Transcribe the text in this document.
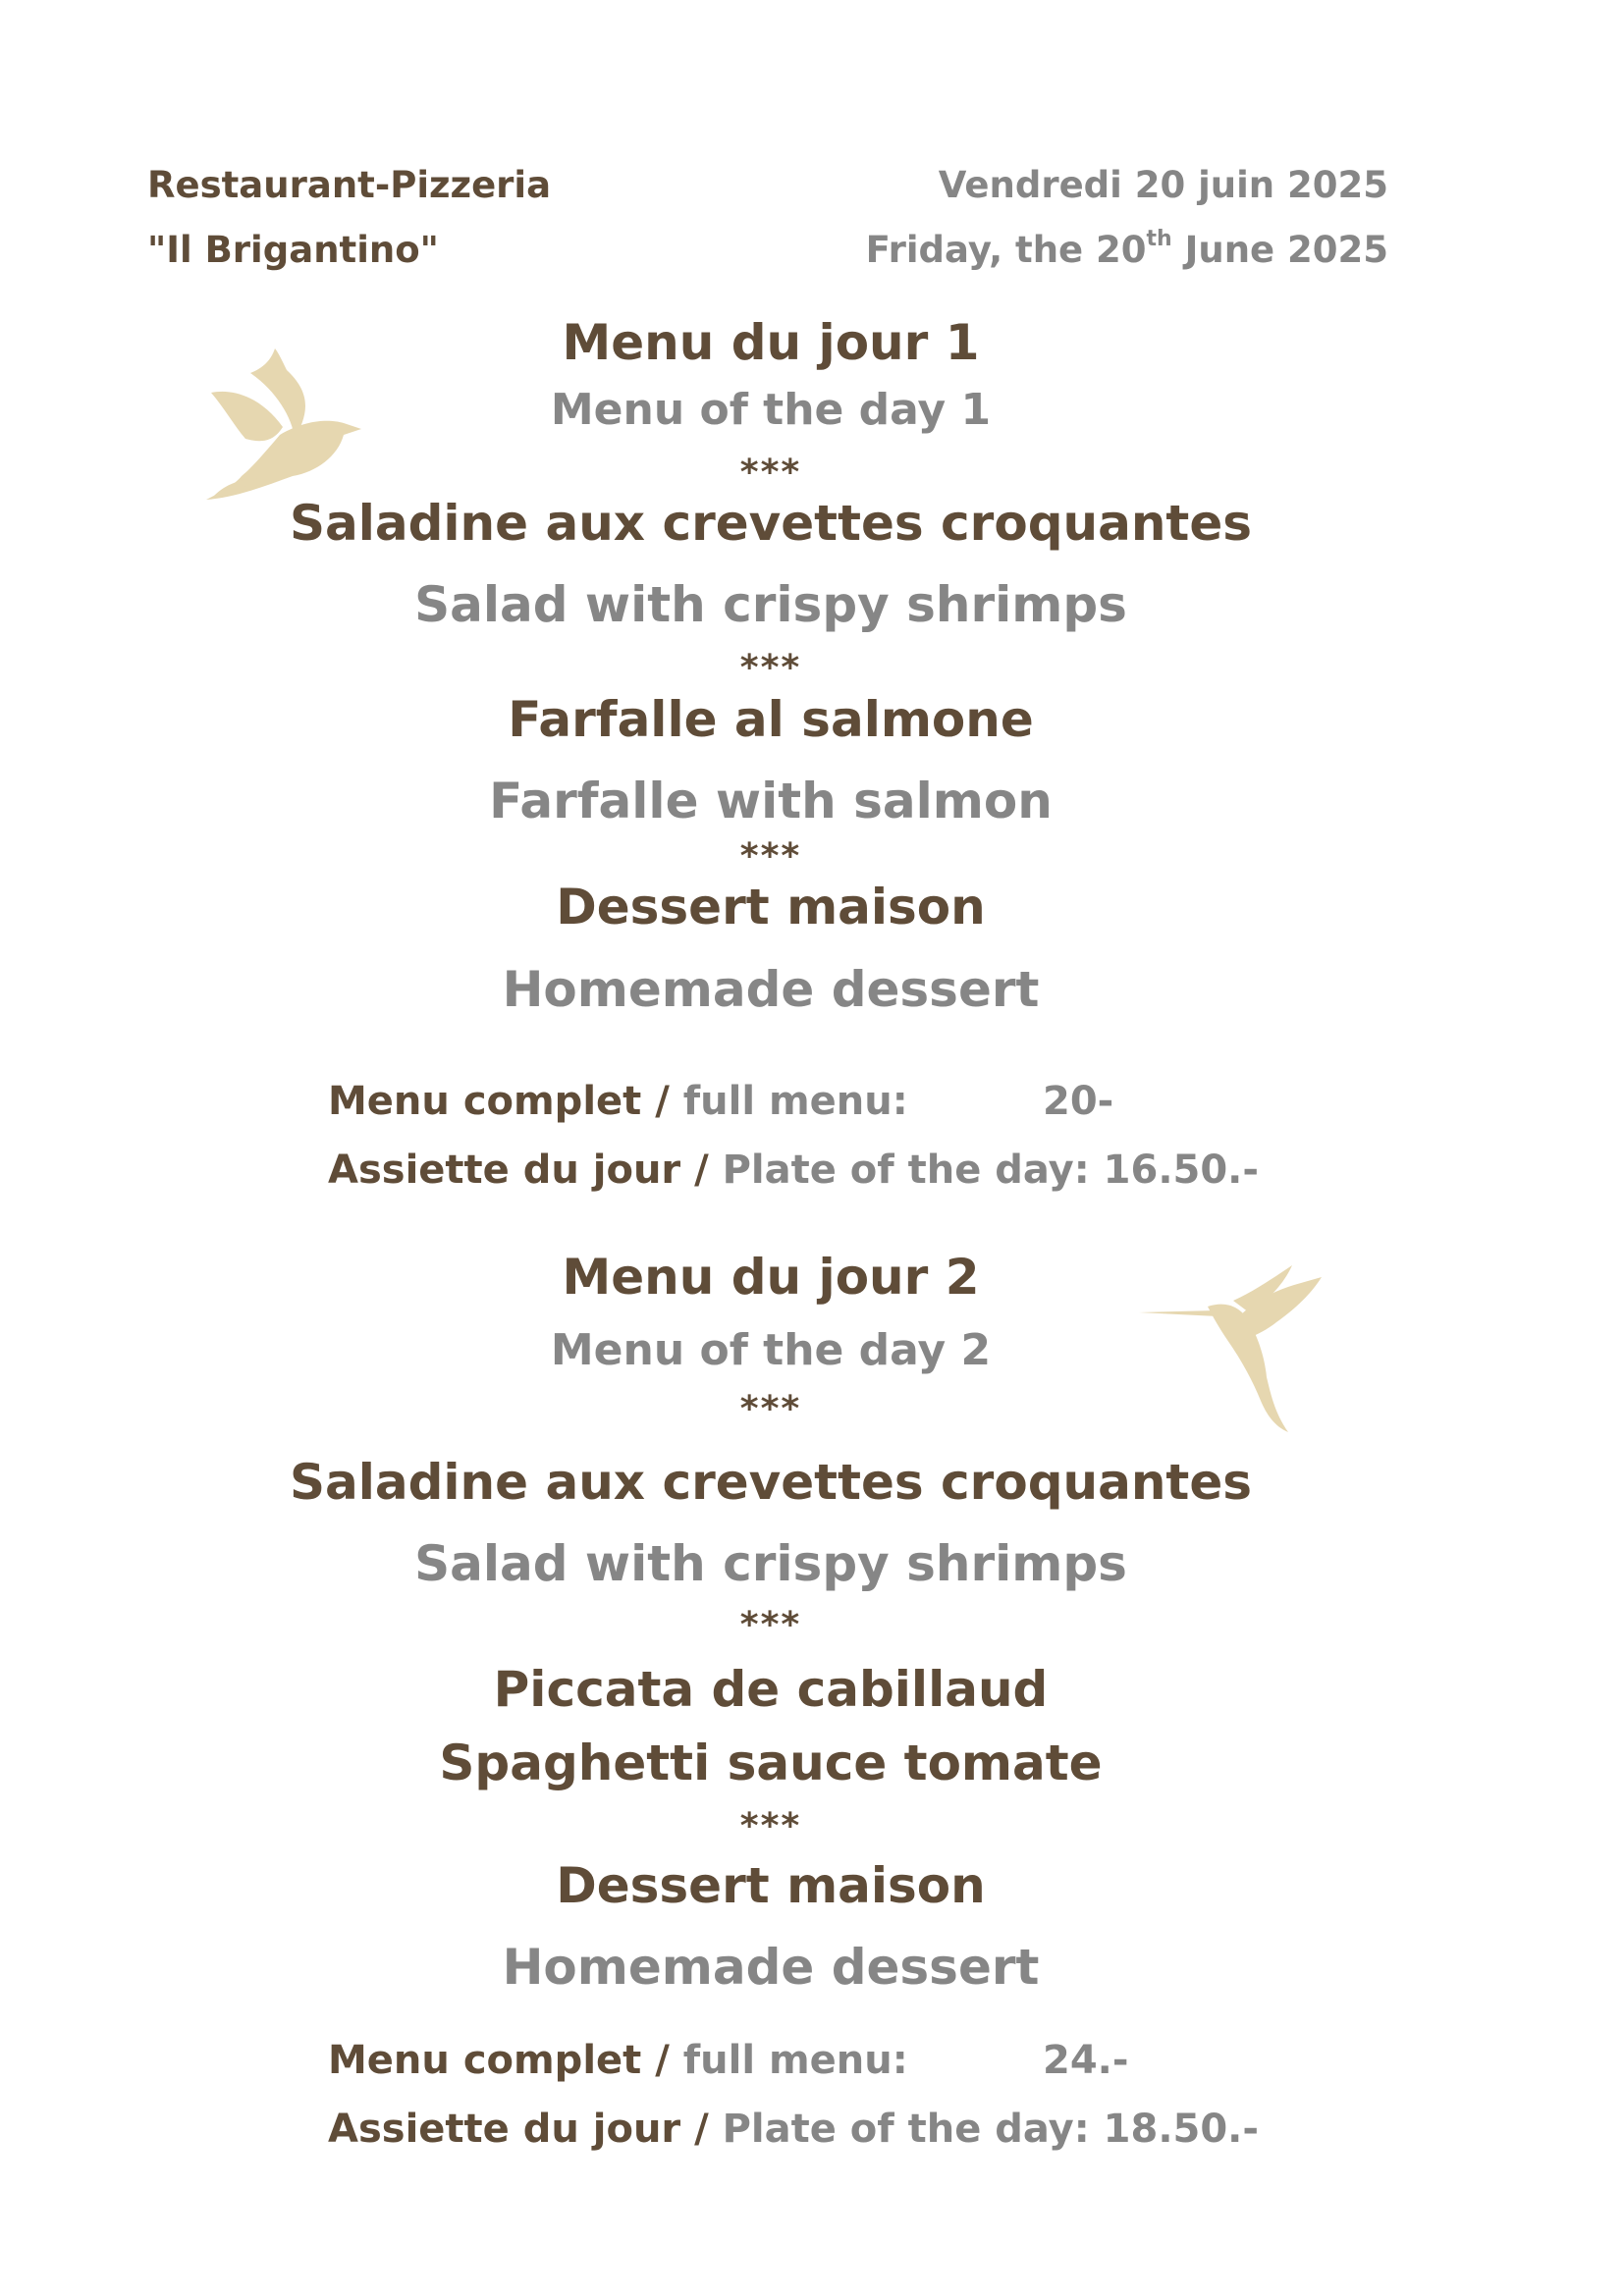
Restaurant-Pizzeria
"Il Brigantino"
Vendredi 20 juin 2025
Friday, the 20th June 2025
Menu du jour 1
Menu of the day 1
***
Saladine aux crevettes croquantes
Salad with crispy shrimps
***
Farfalle al salmone
Farfalle with salmon
***
Dessert maison
Homemade dessert
Menu complet / full menu:	20-
Assiette du jour / Plate of the day: 16.50.-
Menu du jour 2
Menu of the day 2
***
Saladine aux crevettes croquantes
Salad with crispy shrimps
***
Piccata de cabillaud
Spaghetti sauce tomate
***
Dessert maison
Homemade dessert
Menu complet / full menu:	24.-
Assiette du jour / Plate of the day: 18.50.-
